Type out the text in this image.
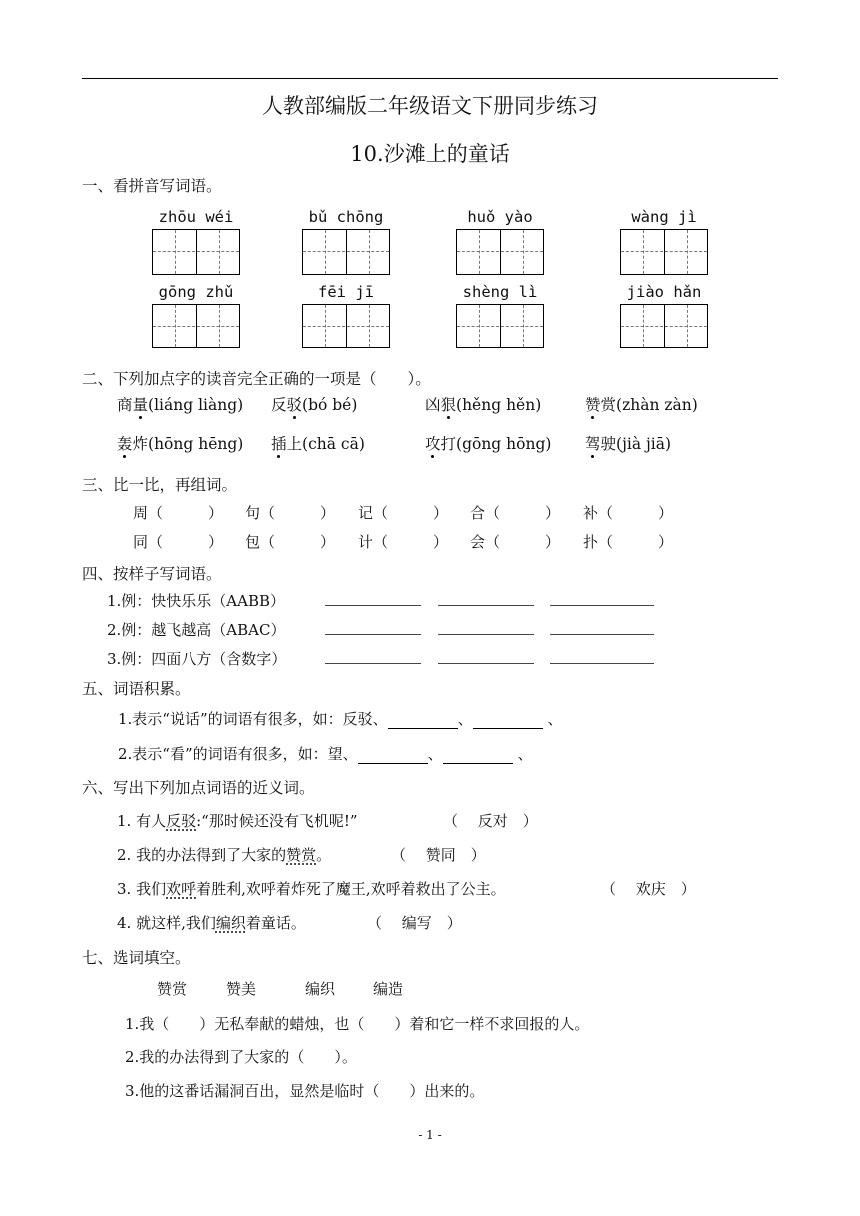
人教部编版二年级语文下册同步练习
10.沙滩上的童话
一、看拼音写词语。
zhōu wéi	bǔ chōng	huǒ yào	wàng jì
gōng zhǔ	fēi jī	shèng lì	jiào hǎn
二、下列加点字的读音完全正确的一项是（　　）。
商量(liáng liàng) 反驳(bó bé)	凶狠(hěng hěn)	赞赏(zhàn zàn)
轰炸(hōng hēng) 插上(chā cā)	攻打(gōng hōng) 驾驶(jià jiā)
三、比一比，再组词。
周（　　　） 句（　　　） 记（　　　） 合（　　　） 补（　　　）
同（　　　） 包（　　　） 计（　　　） 会（　　　） 扑（　　　）
四、按样子写词语。
1.例：快快乐乐（AABB）
2.例：越飞越高（ABAC）
3.例：四面八方（含数字）
五、词语积累。
1.表示“说话”的词语有很多，如：反驳、	、	、
2.表示“看”的词语有很多，如：望、	、	、
六、写出下列加点词语的近义词。
1. 有人反驳:“那时候还没有飞机呢!”	（　 反对　）
2. 我的办法得到了大家的赞赏。	（　 赞同　）
3. 我们欢呼着胜利,欢呼着炸死了魔王,欢呼着救出了公主。	（　 欢庆　）
4. 就这样,我们编织着童话。	（　 编写　）
七、选词填空。
赞赏	赞美	编织	编造
1.我（　　）无私奉献的蜡烛，也（　　）着和它一样不求回报的人。
2.我的办法得到了大家的（　　）。
3.他的这番话漏洞百出，显然是临时（　　）出来的。
- 1 -
